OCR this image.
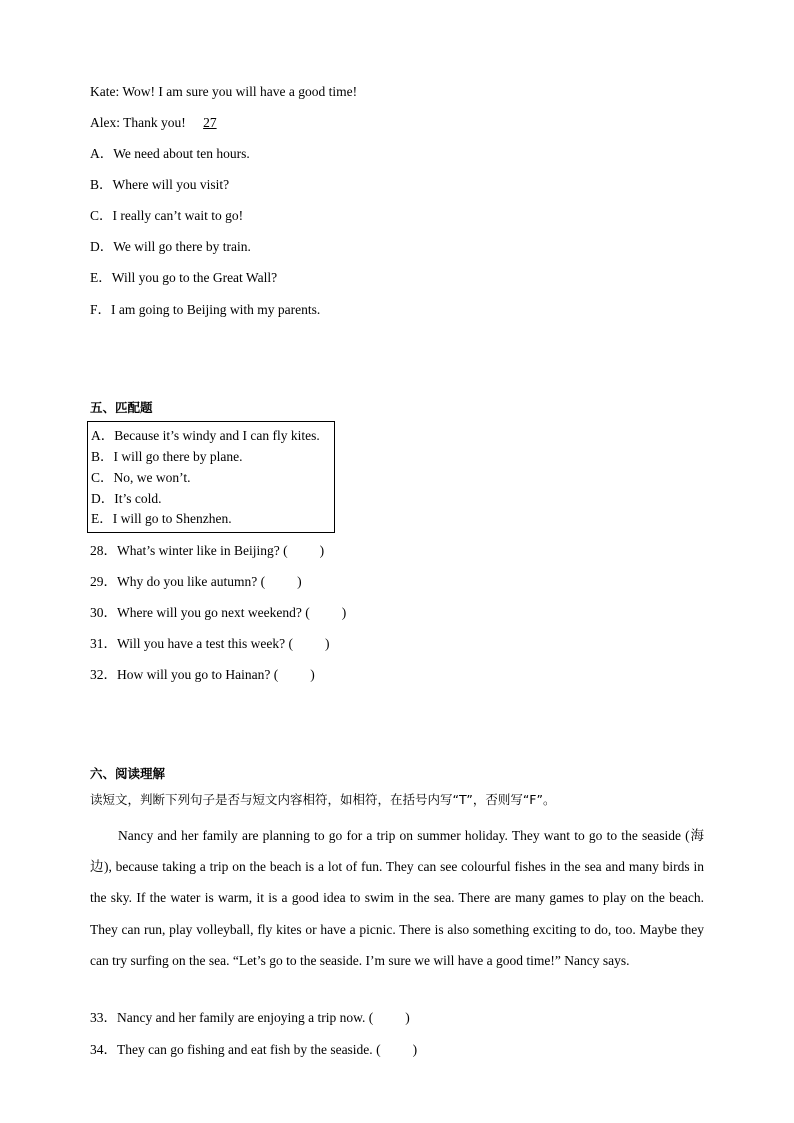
Kate: Wow! I am sure you will have a good time!
Alex: Thank you! 27
A．We need about ten hours.
B．Where will you visit?
C．I really can’t wait to go!
D．We will go there by train.
E．Will you go to the Great Wall?
F．I am going to Beijing with my parents.
五、匹配题
A．Because it’s windy and I can fly kites.
B．I will go there by plane.
C．No, we won’t.
D．It’s cold.
E．I will go to Shenzhen.
28．What’s winter like in Beijing? ( )
29．Why do you like autumn? ( )
30．Where will you go next weekend? ( )
31．Will you have a test this week? ( )
32．How will you go to Hainan? ( )
六、阅读理解
读短文，判断下列句子是否与短文内容相符，如相符，在括号内写“T”，否则写“F”。
Nancy and her family are planning to go for a trip on summer holiday. They want to go to the seaside (海边), because taking a trip on the beach is a lot of fun. They can see colourful fishes in the sea and many birds in the sky. If the water is warm, it is a good idea to swim in the sea. There are many games to play on the beach. They can run, play volleyball, fly kites or have a picnic. There is also something exciting to do, too. Maybe they can try surfing on the sea. “Let’s go to the seaside. I’m sure we will have a good time!” Nancy says.
33．Nancy and her family are enjoying a trip now. ( )
34．They can go fishing and eat fish by the seaside. ( )
